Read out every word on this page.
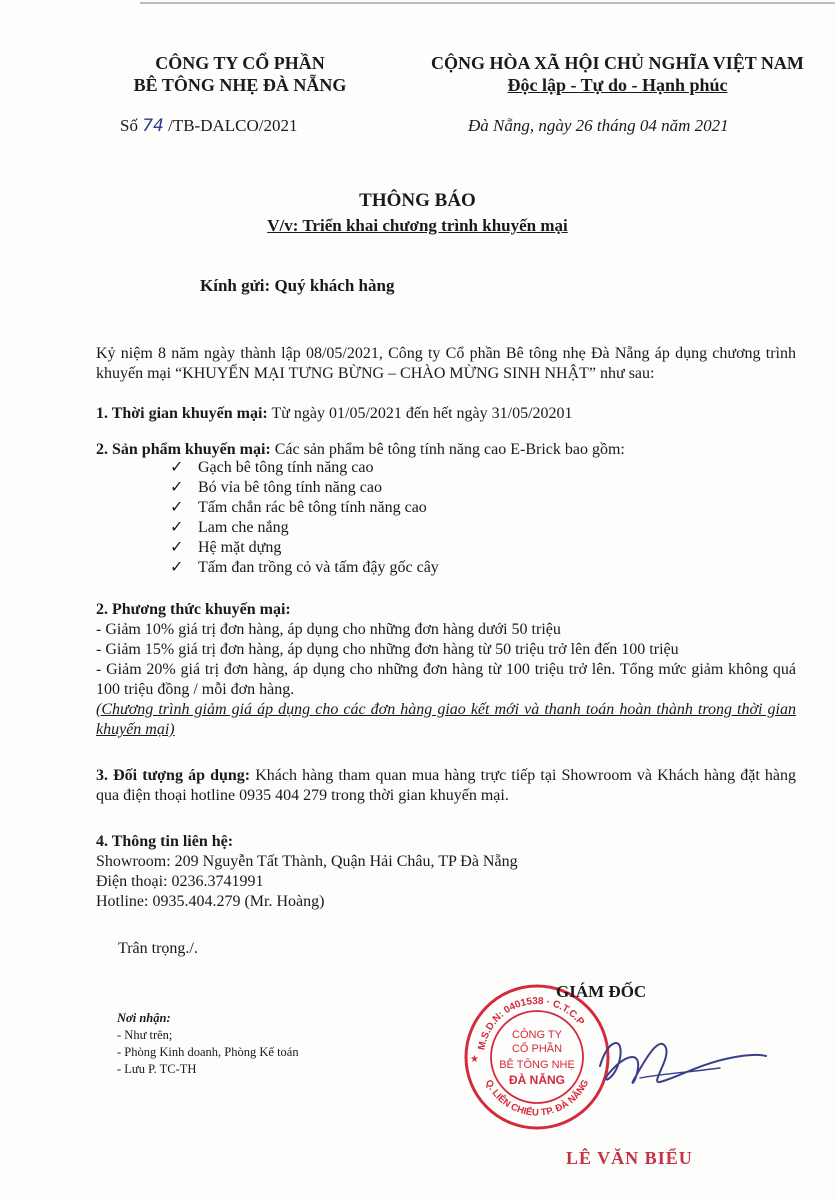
CÔNG TY CỔ PHẦN
BÊ TÔNG NHẸ ĐÀ NẴNG
CỘNG HÒA XÃ HỘI CHỦ NGHĨA VIỆT NAM
Độc lập - Tự do - Hạnh phúc
Số 74 /TB-DALCO/2021	Đà Nẵng, ngày 26 tháng 04 năm 2021
THÔNG BÁO
V/v: Triển khai chương trình khuyến mại
Kính gửi: Quý khách hàng
Kỷ niệm 8 năm ngày thành lập 08/05/2021, Công ty Cổ phần Bê tông nhẹ Đà Nẵng áp dụng chương trình khuyến mại “KHUYẾN MẠI TƯNG BỪNG – CHÀO MỪNG SINH NHẬT” như sau:
1. Thời gian khuyến mại: Từ ngày 01/05/2021 đến hết ngày 31/05/20201
2. Sản phẩm khuyến mại: Các sản phẩm bê tông tính năng cao E-Brick bao gồm:
✓ Gạch bê tông tính năng cao
✓ Bó vỉa bê tông tính năng cao
✓ Tấm chắn rác bê tông tính năng cao
✓ Lam che nắng
✓ Hệ mặt dựng
✓ Tấm đan trồng cỏ và tấm đậy gốc cây
2. Phương thức khuyến mại:
- Giảm 10% giá trị đơn hàng, áp dụng cho những đơn hàng dưới 50 triệu
- Giảm 15% giá trị đơn hàng, áp dụng cho những đơn hàng từ 50 triệu trở lên đến 100 triệu
- Giảm 20% giá trị đơn hàng, áp dụng cho những đơn hàng từ 100 triệu trở lên. Tổng mức giảm không quá 100 triệu đồng / mỗi đơn hàng.
(Chương trình giảm giá áp dụng cho các đơn hàng giao kết mới và thanh toán hoàn thành trong thời gian khuyến mại)
3. Đối tượng áp dụng: Khách hàng tham quan mua hàng trực tiếp tại Showroom và Khách hàng đặt hàng qua điện thoại hotline 0935 404 279 trong thời gian khuyến mại.
4. Thông tin liên hệ:
Showroom: 209 Nguyễn Tất Thành, Quận Hải Châu, TP Đà Nẵng
Điện thoại: 0236.3741991
Hotline: 0935.404.279 (Mr. Hoàng)
Trân trọng./.
Nơi nhận:
- Như trên;
- Phòng Kinh doanh, Phòng Kế toán
- Lưu P. TC-TH
M.S.D.N: 0401538 · C.T.C.P
Q. LIÊN CHIỂU TP. ĐÀ NẴNG
CÔNG TY
CỔ PHẦN
BÊ TÔNG NHẸ
ĐÀ NẴNG
★
GIÁM ĐỐC
LÊ VĂN BIỂU
